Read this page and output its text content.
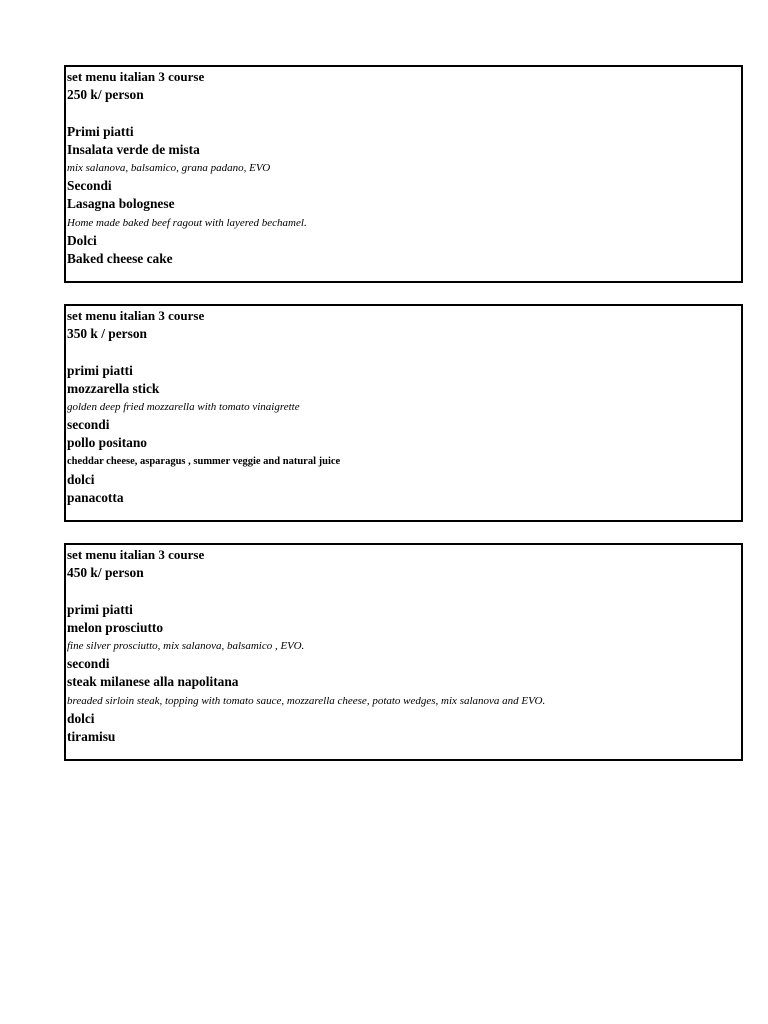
set menu italian 3 course
250 k/ person
Primi piatti
Insalata verde de mista
mix salanova, balsamico, grana padano, EVO
Secondi
Lasagna bolognese
Home made baked beef ragout with layered bechamel.
Dolci
Baked cheese cake
set menu italian 3 course
350 k / person
primi piatti
mozzarella stick
golden deep fried mozzarella with tomato vinaigrette
secondi
pollo positano
cheddar cheese, asparagus , summer veggie and natural juice
dolci
panacotta
set menu italian 3 course
450 k/ person
primi piatti
melon prosciutto
fine silver prosciutto, mix salanova, balsamico , EVO.
secondi
steak milanese alla napolitana
breaded sirloin steak, topping with tomato sauce, mozzarella cheese, potato wedges, mix salanova and EVO.
dolci
tiramisu
